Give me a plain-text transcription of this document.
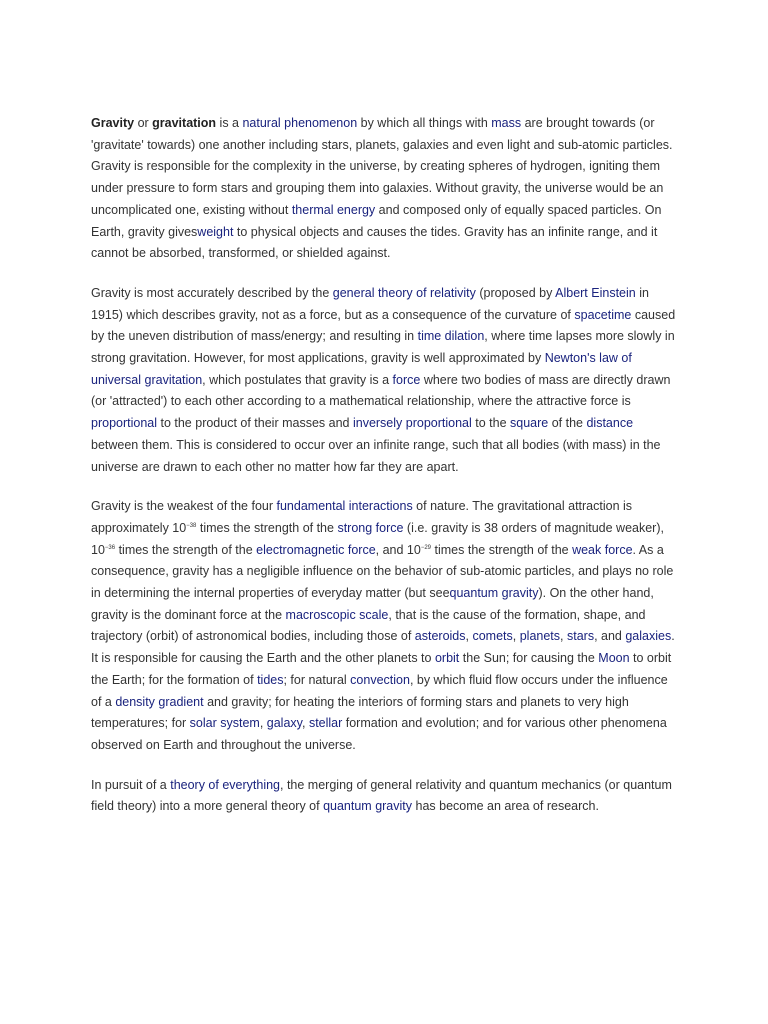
Gravity or gravitation is a natural phenomenon by which all things with mass are brought towards (or 'gravitate' towards) one another including stars, planets, galaxies and even light and sub-atomic particles. Gravity is responsible for the complexity in the universe, by creating spheres of hydrogen, igniting them under pressure to form stars and grouping them into galaxies. Without gravity, the universe would be an uncomplicated one, existing without thermal energy and composed only of equally spaced particles. On Earth, gravity givesweight to physical objects and causes the tides. Gravity has an infinite range, and it cannot be absorbed, transformed, or shielded against.

Gravity is most accurately described by the general theory of relativity (proposed by Albert Einstein in 1915) which describes gravity, not as a force, but as a consequence of the curvature of spacetime caused by the uneven distribution of mass/energy; and resulting in time dilation, where time lapses more slowly in strong gravitation. However, for most applications, gravity is well approximated by Newton's law of universal gravitation, which postulates that gravity is a force where two bodies of mass are directly drawn (or 'attracted') to each other according to a mathematical relationship, where the attractive force is proportional to the product of their masses and inversely proportional to the square of the distance between them. This is considered to occur over an infinite range, such that all bodies (with mass) in the universe are drawn to each other no matter how far they are apart.

Gravity is the weakest of the four fundamental interactions of nature. The gravitational attraction is approximately $10^{-38}$ times the strength of the strong force (i.e. gravity is 38 orders of magnitude weaker), $10^{-36}$ times the strength of the electromagnetic force, and $10^{-29}$ times the strength of the weak force. As a consequence, gravity has a negligible influence on the behavior of sub-atomic particles, and plays no role in determining the internal properties of everyday matter (but seequantum gravity). On the other hand, gravity is the dominant force at the macroscopic scale, that is the cause of the formation, shape, and trajectory (orbit) of astronomical bodies, including those of asteroids, comets, planets, stars, and galaxies. It is responsible for causing the Earth and the other planets to orbit the Sun; for causing the Moon to orbit the Earth; for the formation of tides; for natural convection, by which fluid flow occurs under the influence of a density gradient and gravity; for heating the interiors of forming stars and planets to very high temperatures; for solar system, galaxy, stellar formation and evolution; and for various other phenomena observed on Earth and throughout the universe.

In pursuit of a theory of everything, the merging of general relativity and quantum mechanics (or quantum field theory) into a more general theory of quantum gravity has become an area of research.
